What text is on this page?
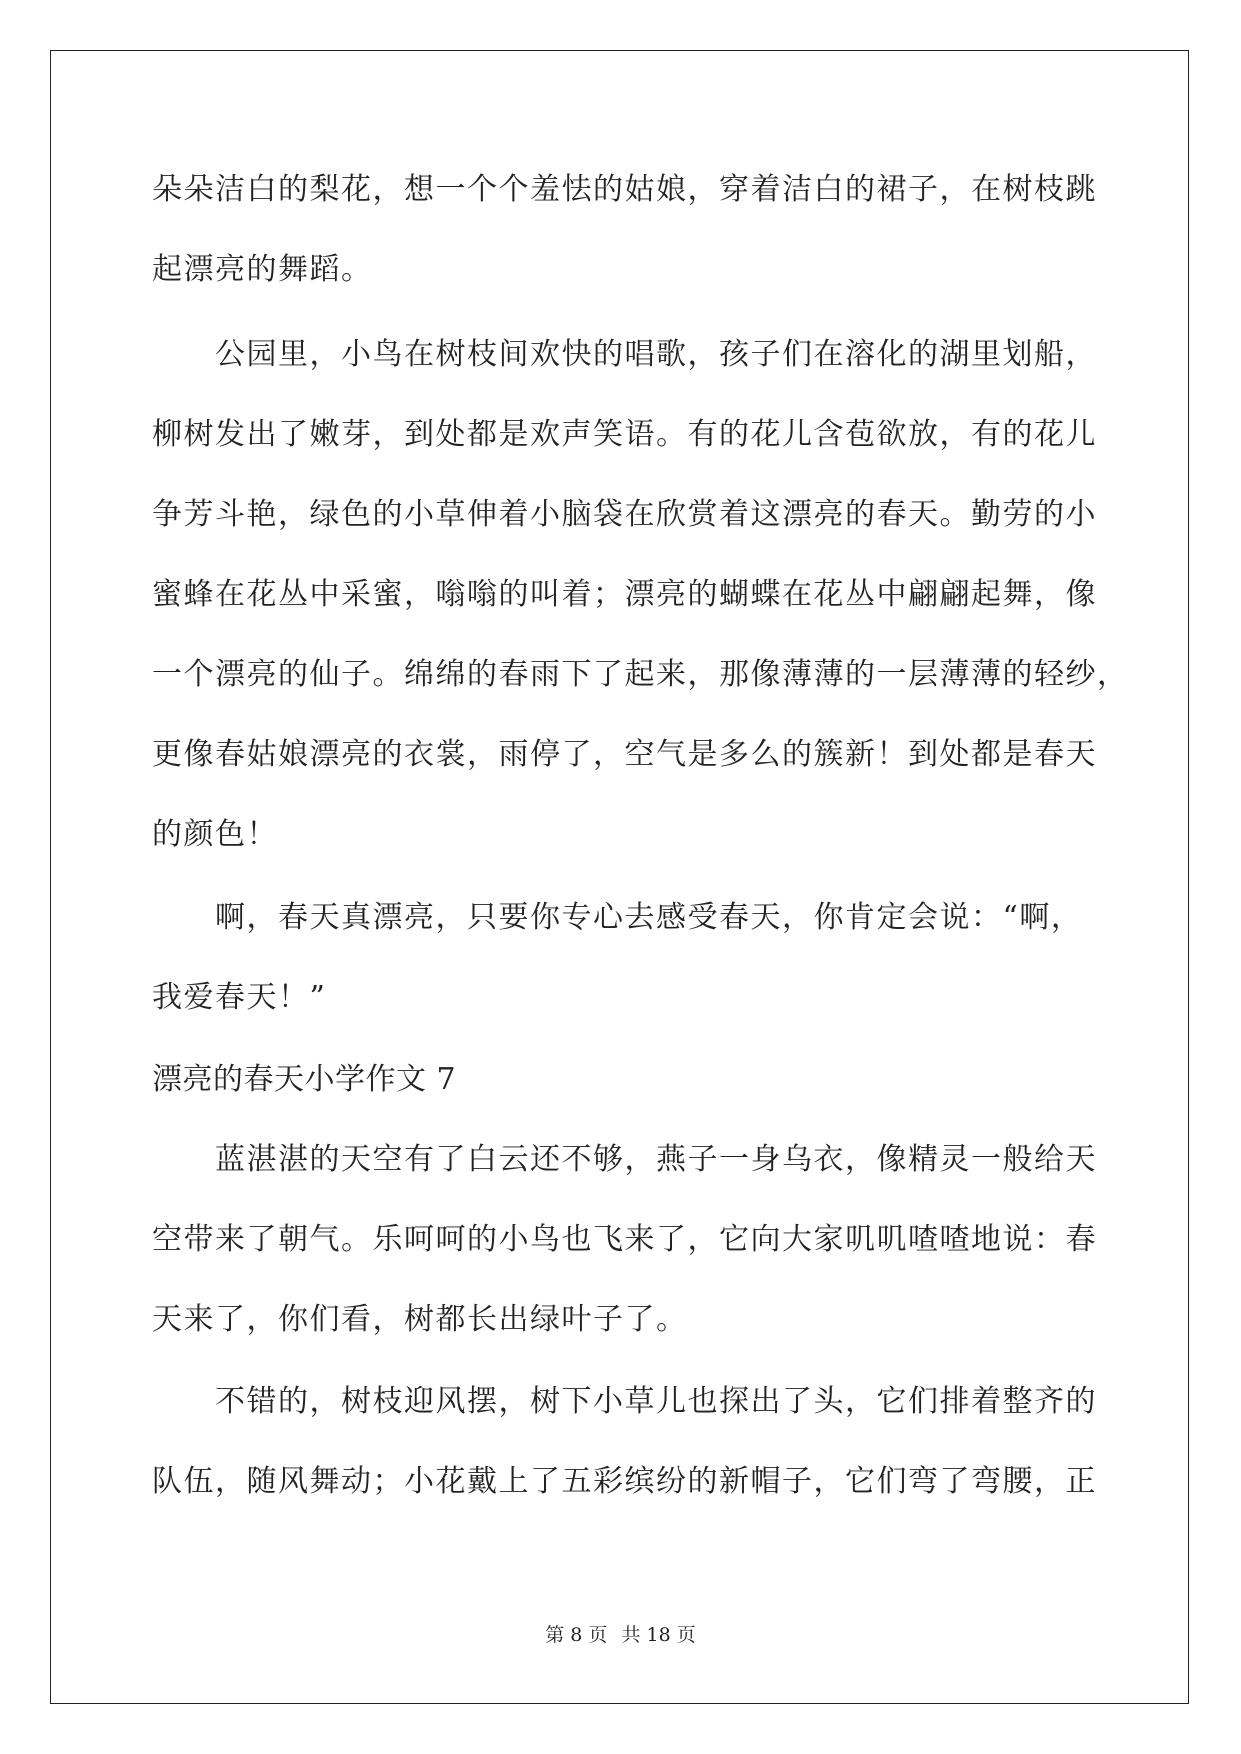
朵朵洁白的梨花，想一个个羞怯的姑娘，穿着洁白的裙子，在树枝跳
起漂亮的舞蹈。
公园里，小鸟在树枝间欢快的唱歌，孩子们在溶化的湖里划船，
柳树发出了嫩芽，到处都是欢声笑语。有的花儿含苞欲放，有的花儿
争芳斗艳，绿色的小草伸着小脑袋在欣赏着这漂亮的春天。勤劳的小
蜜蜂在花丛中采蜜，嗡嗡的叫着；漂亮的蝴蝶在花丛中翩翩起舞，像
一个漂亮的仙子。绵绵的春雨下了起来，那像薄薄的一层薄薄的轻纱，
更像春姑娘漂亮的衣裳，雨停了，空气是多么的簇新！到处都是春天
的颜色！
啊，春天真漂亮，只要你专心去感受春天，你肯定会说：“啊，
我爱春天！”
漂亮的春天小学作文 7
蓝湛湛的天空有了白云还不够，燕子一身乌衣，像精灵一般给天
空带来了朝气。乐呵呵的小鸟也飞来了，它向大家叽叽喳喳地说：春
天来了，你们看，树都长出绿叶子了。
不错的，树枝迎风摆，树下小草儿也探出了头，它们排着整齐的
队伍，随风舞动；小花戴上了五彩缤纷的新帽子，它们弯了弯腰，正
第 8 页 共 18 页
